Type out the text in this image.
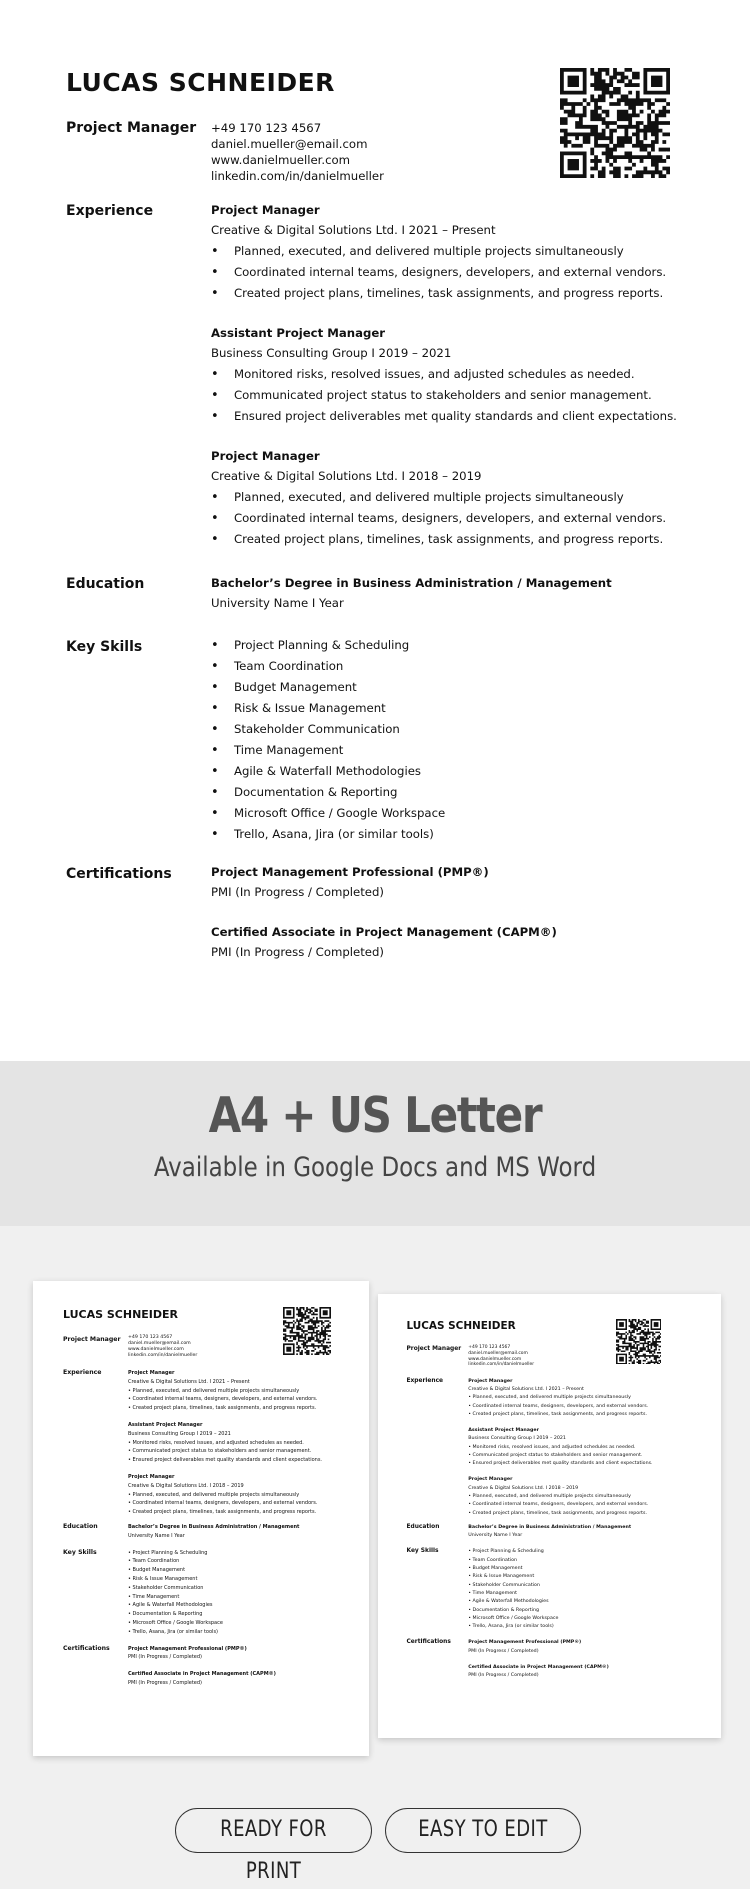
LUCAS SCHNEIDER
Project Manager +49 170 123 4567
daniel.mueller@email.com
www.danielmueller.com
linkedin.com/in/danielmueller
Experience	Project Manager
Creative & Digital Solutions Ltd. I 2021 – Present
• Planned, executed, and delivered multiple projects simultaneously
• Coordinated internal teams, designers, developers, and external vendors.
• Created project plans, timelines, task assignments, and progress reports.
Assistant Project Manager
Business Consulting Group I 2019 – 2021
• Monitored risks, resolved issues, and adjusted schedules as needed.
• Communicated project status to stakeholders and senior management.
• Ensured project deliverables met quality standards and client expectations.
Project Manager
Creative & Digital Solutions Ltd. I 2018 – 2019
• Planned, executed, and delivered multiple projects simultaneously
• Coordinated internal teams, designers, developers, and external vendors.
• Created project plans, timelines, task assignments, and progress reports.
Education	Bachelor’s Degree in Business Administration / Management
University Name I Year
Key Skills
•	Project Planning & Scheduling
• Team Coordination
• Budget Management
• Risk & Issue Management
• Stakeholder Communication
• Time Management
• Agile & Waterfall Methodologies
• Documentation & Reporting
• Microsoft Office / Google Workspace
• Trello, Asana, Jira (or similar tools)
Certifications	Project Management Professional (PMP®)
PMI (In Progress / Completed)
Certified Associate in Project Management (CAPM®)
PMI (In Progress / Completed)
A4 + US Letter
Available in Google Docs and MS Word
LUCAS SCHNEIDER
Project Manager +49 170 123 4567
daniel.mueller@email.com
www.danielmueller.com
linkedin.com/in/danielmueller
Experience	Project Manager
Creative & Digital Solutions Ltd. I 2021 – Present
• Planned, executed, and delivered multiple projects simultaneously
• Coordinated internal teams, designers, developers, and external vendors.
• Created project plans, timelines, task assignments, and progress reports.
Assistant Project Manager
Business Consulting Group I 2019 – 2021
• Monitored risks, resolved issues, and adjusted schedules as needed.
• Communicated project status to stakeholders and senior management.
• Ensured project deliverables met quality standards and client expectations.
Project Manager
Creative & Digital Solutions Ltd. I 2018 – 2019
• Planned, executed, and delivered multiple projects simultaneously
• Coordinated internal teams, designers, developers, and external vendors.
• Created project plans, timelines, task assignments, and progress reports.
Education	Bachelor’s Degree in Business Administration / Management
University Name I Year
Key Skills	• Project Planning & Scheduling
• Team Coordination
• Budget Management
• Risk & Issue Management
• Stakeholder Communication
• Time Management
• Agile & Waterfall Methodologies
• Documentation & Reporting
• Microsoft Office / Google Workspace
• Trello, Asana, Jira (or similar tools)
Certifications	Project Management Professional (PMP®)
PMI (In Progress / Completed)
Certified Associate in Project Management (CAPM®)
PMI (In Progress / Completed)
LUCAS SCHNEIDER
Project Manager +49 170 123 4567
daniel.mueller@email.com
www.danielmueller.com
linkedin.com/in/danielmueller
Experience	Project Manager
Creative & Digital Solutions Ltd. I 2021 – Present
• Planned, executed, and delivered multiple projects simultaneously
• Coordinated internal teams, designers, developers, and external vendors.
• Created project plans, timelines, task assignments, and progress reports.
Assistant Project Manager
Business Consulting Group I 2019 – 2021
• Monitored risks, resolved issues, and adjusted schedules as needed.
• Communicated project status to stakeholders and senior management.
• Ensured project deliverables met quality standards and client expectations.
Project Manager
Creative & Digital Solutions Ltd. I 2018 – 2019
• Planned, executed, and delivered multiple projects simultaneously
• Coordinated internal teams, designers, developers, and external vendors.
• Created project plans, timelines, task assignments, and progress reports.
Education	Bachelor’s Degree in Business Administration / Management
University Name I Year
Key Skills	• Project Planning & Scheduling
• Team Coordination
• Budget Management
• Risk & Issue Management
• Stakeholder Communication
• Time Management
• Agile & Waterfall Methodologies
• Documentation & Reporting
• Microsoft Office / Google Workspace
• Trello, Asana, Jira (or similar tools)
Certifications	Project Management Professional (PMP®)
PMI (In Progress / Completed)
Certified Associate in Project Management (CAPM®)
PMI (In Progress / Completed)
READY FOR PRINT
EASY TO EDIT
